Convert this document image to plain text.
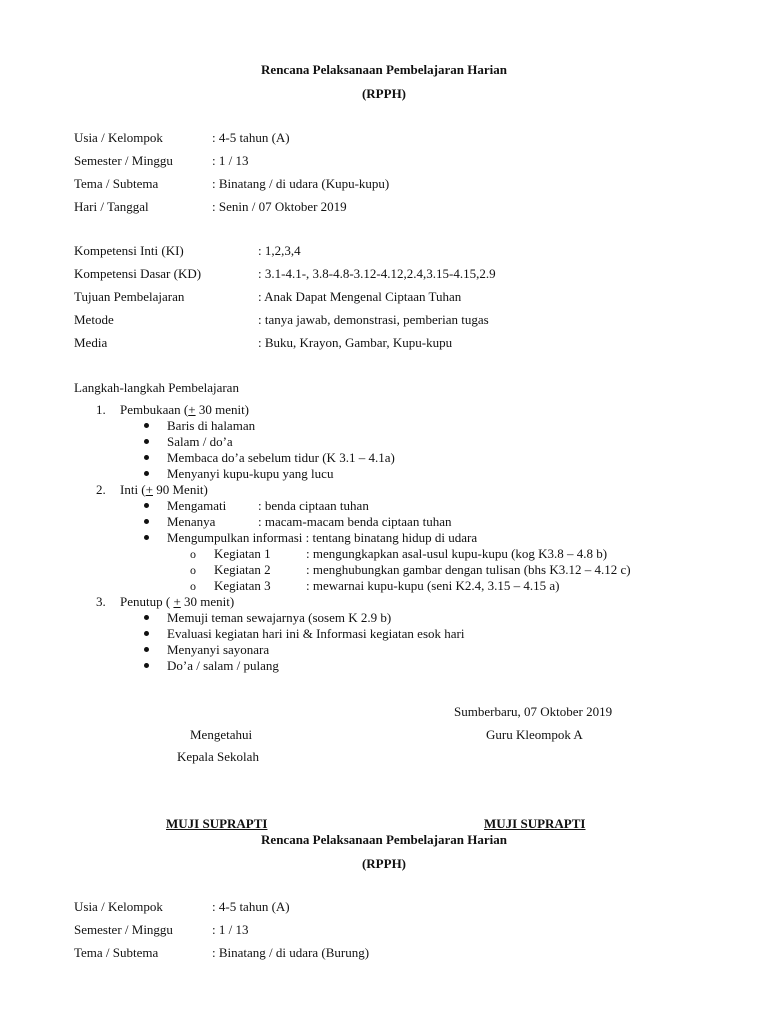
Rencana Pelaksanaan Pembelajaran Harian
(RPPH)
Usia / Kelompok	: 4-5 tahun (A)
Semester / Minggu	: 1 / 13
Tema / Subtema	: Binatang / di udara (Kupu-kupu)
Hari / Tanggal	: Senin / 07 Oktober 2019
Kompetensi Inti (KI)	: 1,2,3,4
Kompetensi Dasar (KD)	: 3.1-4.1-, 3.8-4.8-3.12-4.12,2.4,3.15-4.15,2.9
Tujuan Pembelajaran	: Anak Dapat Mengenal Ciptaan Tuhan
Metode	: tanya jawab, demonstrasi, pemberian tugas
Media	: Buku, Krayon, Gambar, Kupu-kupu
Langkah-langkah Pembelajaran
1. Pembukaan (+ 30 menit)
Baris di halaman
Salam / do’a
Membaca do’a sebelum tidur (K 3.1 – 4.1a)
Menyanyi kupu-kupu yang lucu
2. Inti (+ 90 Menit)
Mengamati : benda ciptaan tuhan
Menanya	: macam-macam benda ciptaan tuhan
Mengumpulkan informasi : tentang binatang hidup di udara
o Kegiatan 1	: mengungkapkan asal-usul kupu-kupu (kog K3.8 – 4.8 b)
o Kegiatan 2	: menghubungkan gambar dengan tulisan (bhs K3.12 – 4.12 c)
o Kegiatan 3	: mewarnai kupu-kupu (seni K2.4, 3.15 – 4.15 a)
3. Penutup ( + 30 menit)
Memuji teman sewajarnya (sosem K 2.9 b)
Evaluasi kegiatan hari ini & Informasi kegiatan esok hari
Menyanyi sayonara
Do’a / salam / pulang
Sumberbaru, 07 Oktober 2019
Mengetahui	Guru Kleompok A
Kepala Sekolah
MUJI SUPRAPTI	MUJI SUPRAPTI
Rencana Pelaksanaan Pembelajaran Harian
(RPPH)
Usia / Kelompok	: 4-5 tahun (A)
Semester / Minggu	: 1 / 13
Tema / Subtema	: Binatang / di udara (Burung)
